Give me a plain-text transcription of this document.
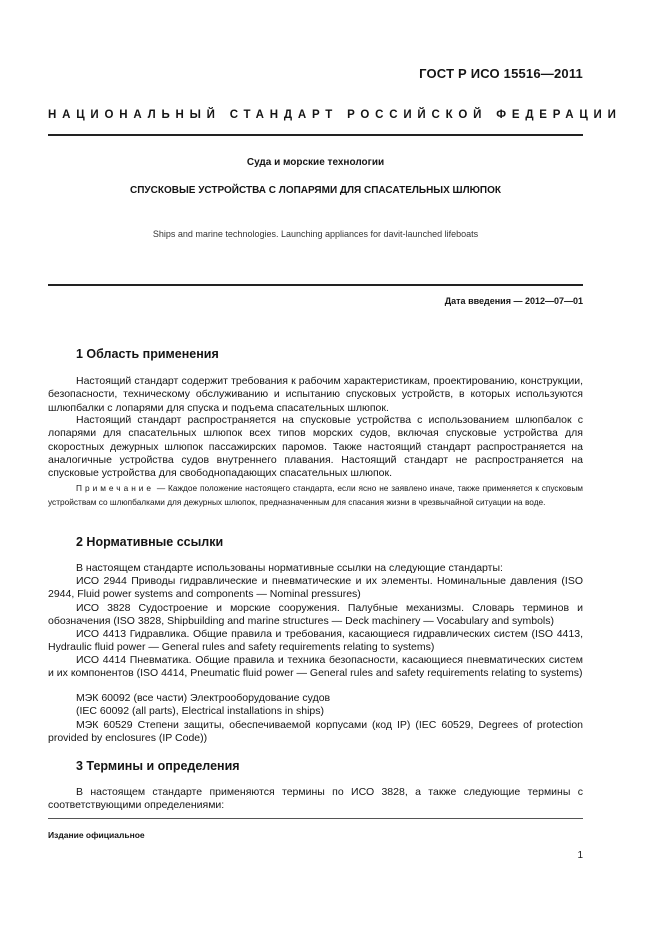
ГОСТ Р ИСО 15516—2011
НАЦИОНАЛЬНЫЙ СТАНДАРТ РОССИЙСКОЙ ФЕДЕРАЦИИ
Суда и морские технологии
СПУСКОВЫЕ УСТРОЙСТВА С ЛОПАРЯМИ ДЛЯ СПАСАТЕЛЬНЫХ ШЛЮПОК
Ships and marine technologies. Launching appliances for davit-launched lifeboats
Дата введения — 2012—07—01
1 Область применения
Настоящий стандарт содержит требования к рабочим характеристикам, проектированию, конструкции, безопасности, техническому обслуживанию и испытанию спусковых устройств, в которых используются шлюпбалки с лопарями для спуска и подъема спасательных шлюпок.
Настоящий стандарт распространяется на спусковые устройства с использованием шлюпбалок с лопарями для спасательных шлюпок всех типов морских судов, включая спусковые устройства для скоростных дежурных шлюпок пассажирских паромов. Также настоящий стандарт распространяется на аналогичные устройства судов внутреннего плавания. Настоящий стандарт не распространяется на спусковые устройства для свободнопадающих спасательных шлюпок.
Примечание — Каждое положение настоящего стандарта, если ясно не заявлено иначе, также применяется к спусковым устройствам со шлюпбалками для дежурных шлюпок, предназначенным для спасания жизни в чрезвычайной ситуации на воде.
2 Нормативные ссылки
В настоящем стандарте использованы нормативные ссылки на следующие стандарты:
ИСО 2944 Приводы гидравлические и пневматические и их элементы. Номинальные давления (ISO 2944, Fluid power systems and components — Nominal pressures)
ИСО 3828 Судостроение и морские сооружения. Палубные механизмы. Словарь терминов и обозначения (ISO 3828, Shipbuilding and marine structures — Deck machinery — Vocabulary and symbols)
ИСО 4413 Гидравлика. Общие правила и требования, касающиеся гидравлических систем (ISO 4413, Hydraulic fluid power — General rules and safety requirements relating to systems)
ИСО 4414 Пневматика. Общие правила и техника безопасности, касающиеся пневматических систем и их компонентов (ISO 4414, Pneumatic fluid power — General rules and safety requirements relating to systems)
МЭК 60092 (все части) Электрооборудование судов
(IEC 60092 (all parts), Electrical installations in ships)
МЭК 60529 Степени защиты, обеспечиваемой корпусами (код IP) (IEC 60529, Degrees of protection provided by enclosures (IP Code))
3 Термины и определения
В настоящем стандарте применяются термины по ИСО 3828, а также следующие термины с соответствующими определениями:
Издание официальное
1
